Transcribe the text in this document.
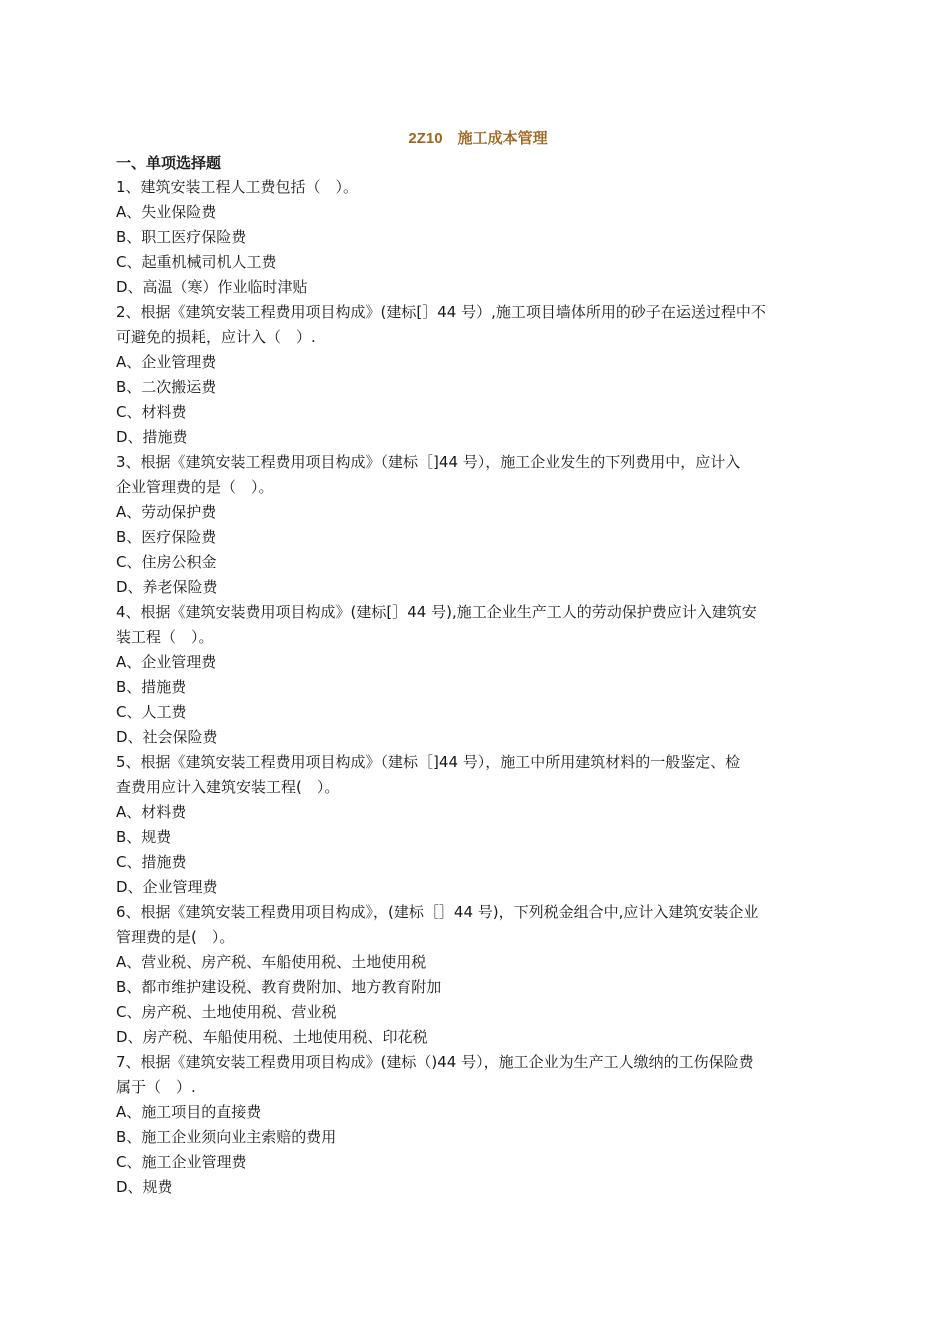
2Z10　施工成本管理
一、单项选择题

1、建筑安装工程人工费包括（　）。

A、失业保险费
B、职工医疗保险费
C、起重机械司机人工费
D、高温（寒）作业临时津贴

2、根据《建筑安装工程费用项目构成》(建标[］44 号）,施工项目墙体所用的砂子在运送过程中不

可避免的损耗，应计入（　）.

A、企业管理费
B、二次搬运费
C、材料费
D、措施费

3、根据《建筑安装工程费用项目构成》（建标［]44 号），施工企业发生的下列费用中，应计入

企业管理费的是（　）。

A、劳动保护费
B、医疗保险费
C、住房公积金
D、养老保险费

4、根据《建筑安装费用项目构成》(建标[］44 号),施工企业生产工人的劳动保护费应计入建筑安

装工程（　）。

A、企业管理费
B、措施费
C、人工费
D、社会保险费

5、根据《建筑安装工程费用项目构成》（建标［]44 号），施工中所用建筑材料的一般鉴定、检

查费用应计入建筑安装工程(　）。

A、材料费
B、规费
C、措施费
D、企业管理费

6、根据《建筑安装工程费用项目构成》，(建标［］44 号)，下列税金组合中,应计入建筑安装企业

管理费的是(　）。

A、营业税、房产税、车船使用税、土地使用税
B、都市维护建设税、教育费附加、地方教育附加
C、房产税、土地使用税、营业税
D、房产税、车船使用税、土地使用税、印花税

7、根据《建筑安装工程费用项目构成》(建标（)44 号），施工企业为生产工人缴纳的工伤保险费

属于（　）.

A、施工项目的直接费
B、施工企业须向业主索赔的费用
C、施工企业管理费
D、规费
